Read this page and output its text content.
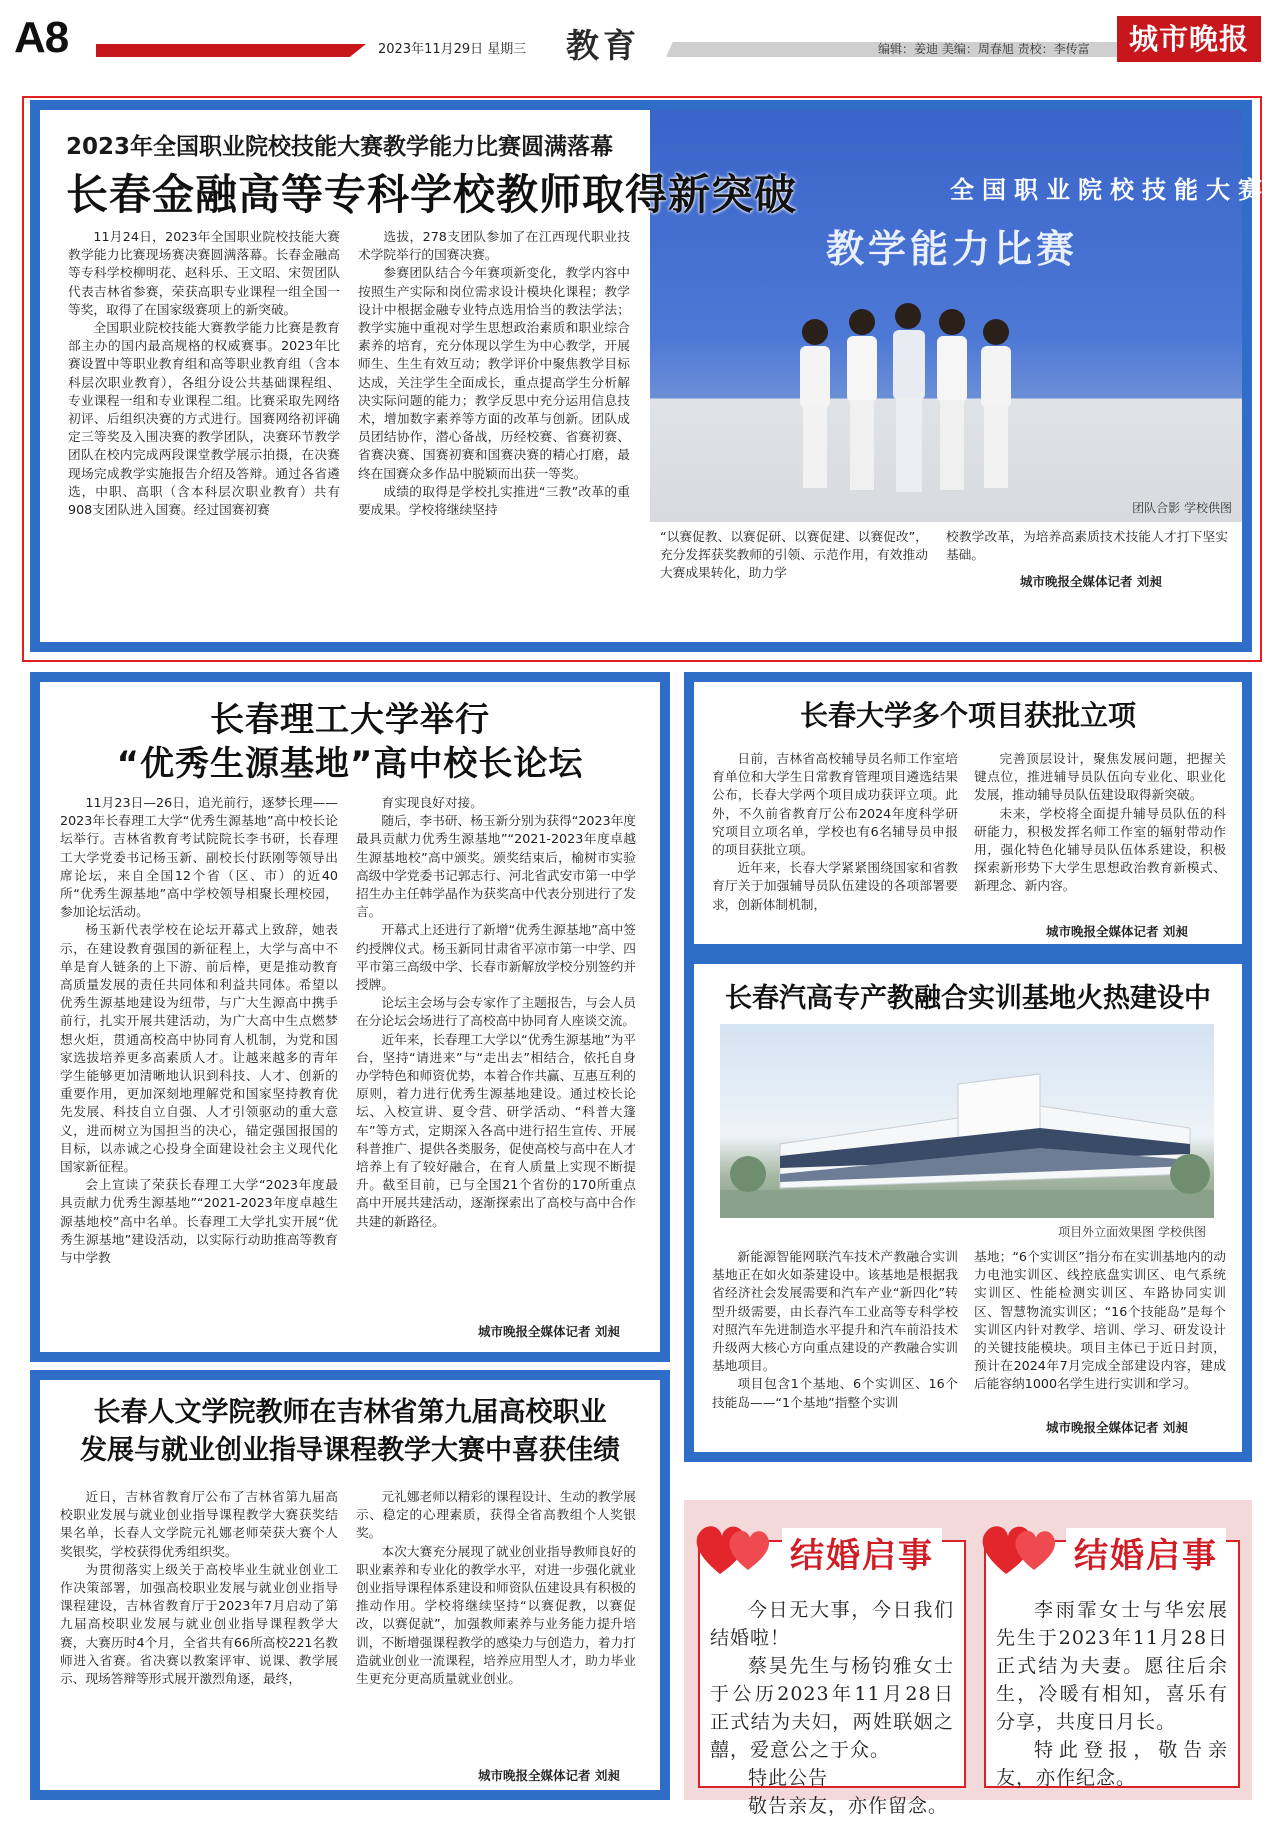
A8	2023年11月29日 星期三 教育	编辑：姜迪 美编：周春旭 责校：李传富	城市晚报
全国职业院校技能大赛
教学能力比赛
团队合影 学校供图
2023年全国职业院校技能大赛教学能力比赛圆满落幕
长春金融高等专科学校教师取得新突破

11月24日，2023年全国职业院校技能大赛教学能力比赛现场赛决赛圆满落幕。长春金融高等专科学校柳明花、赵科乐、王文昭、宋贺团队代表吉林省参赛，荣获高职专业课程一组全国一等奖，取得了在国家级赛项上的新突破。

全国职业院校技能大赛教学能力比赛是教育部主办的国内最高规格的权威赛事。2023年比赛设置中等职业教育组和高等职业教育组（含本科层次职业教育），各组分设公共基础课程组、专业课程一组和专业课程二组。比赛采取先网络初评、后组织决赛的方式进行。国赛网络初评确定三等奖及入围决赛的教学团队，决赛环节教学团队在校内完成两段课堂教学展示拍摄，在决赛现场完成教学实施报告介绍及答辩。通过各省遴选，中职、高职（含本科层次职业教育）共有908支团队进入国赛。经过国赛初赛

选拔，278支团队参加了在江西现代职业技术学院举行的国赛决赛。

参赛团队结合今年赛项新变化，教学内容中按照生产实际和岗位需求设计模块化课程；教学设计中根据金融专业特点选用恰当的教法学法；教学实施中重视对学生思想政治素质和职业综合素养的培育，充分体现以学生为中心教学，开展师生、生生有效互动；教学评价中聚焦教学目标达成，关注学生全面成长，重点提高学生分析解决实际问题的能力；教学反思中充分运用信息技术，增加数字素养等方面的改革与创新。团队成员团结协作，潜心备战，历经校赛、省赛初赛、省赛决赛、国赛初赛和国赛决赛的精心打磨，最终在国赛众多作品中脱颖而出获一等奖。

成绩的取得是学校扎实推进“三教”改革的重要成果。学校将继续坚持

“以赛促教、以赛促研、以赛促建、以赛促改”，充分发挥获奖教师的引领、示范作用，有效推动大赛成果转化，助力学

校教学改革，为培养高素质技术技能人才打下坚实基础。

城市晚报全媒体记者 刘昶
长春理工大学举行
“优秀生源基地”高中校长论坛

11月23日—26日，追光前行，逐梦长理——2023年长春理工大学“优秀生源基地”高中校长论坛举行。吉林省教育考试院院长李书研，长春理工大学党委书记杨玉新、副校长付跃刚等领导出席论坛，来自全国12个省（区、市）的近40所“优秀生源基地”高中学校领导相聚长理校园，参加论坛活动。

杨玉新代表学校在论坛开幕式上致辞，她表示，在建设教育强国的新征程上，大学与高中不单是育人链条的上下游、前后棒，更是推动教育高质量发展的责任共同体和利益共同体。希望以优秀生源基地建设为纽带，与广大生源高中携手前行，扎实开展共建活动，为广大高中生点燃梦想火炬，贯通高校高中协同育人机制，为党和国家选拔培养更多高素质人才。让越来越多的青年学生能够更加清晰地认识到科技、人才、创新的重要作用，更加深刻地理解党和国家坚持教育优先发展、科技自立自强、人才引领驱动的重大意义，进而树立为国担当的决心，锚定强国报国的目标，以赤诚之心投身全面建设社会主义现代化国家新征程。

会上宣读了荣获长春理工大学“2023年度最具贡献力优秀生源基地”“2021-2023年度卓越生源基地校”高中名单。长春理工大学扎实开展“优秀生源基地”建设活动，以实际行动助推高等教育与中学教

育实现良好对接。

随后，李书研、杨玉新分别为获得“2023年度最具贡献力优秀生源基地”“2021-2023年度卓越生源基地校”高中颁奖。颁奖结束后，榆树市实验高级中学党委书记郭志行、河北省武安市第一中学招生办主任韩学晶作为获奖高中代表分别进行了发言。

开幕式上还进行了新增“优秀生源基地”高中签约授牌仪式。杨玉新同甘肃省平凉市第一中学、四平市第三高级中学、长春市新解放学校分别签约并授牌。

论坛主会场与会专家作了主题报告，与会人员在分论坛会场进行了高校高中协同育人座谈交流。

近年来，长春理工大学以“优秀生源基地”为平台，坚持“请进来”与“走出去”相结合，依托自身办学特色和师资优势，本着合作共赢、互惠互利的原则，着力进行优秀生源基地建设。通过校长论坛、入校宣讲、夏令营、研学活动、“科普大篷车”等方式，定期深入各高中进行招生宣传、开展科普推广、提供各类服务，促使高校与高中在人才培养上有了较好融合，在育人质量上实现不断提升。截至目前，已与全国21个省份的170所重点高中开展共建活动，逐渐探索出了高校与高中合作共建的新路径。

城市晚报全媒体记者 刘昶
长春人文学院教师在吉林省第九届高校职业
发展与就业创业指导课程教学大赛中喜获佳绩

近日，吉林省教育厅公布了吉林省第九届高校职业发展与就业创业指导课程教学大赛获奖结果名单，长春人文学院元礼娜老师荣获大赛个人奖银奖，学校获得优秀组织奖。

为贯彻落实上级关于高校毕业生就业创业工作决策部署，加强高校职业发展与就业创业指导课程建设，吉林省教育厅于2023年7月启动了第九届高校职业发展与就业创业指导课程教学大赛，大赛历时4个月，全省共有66所高校221名教师进入省赛。省决赛以教案评审、说课、教学展示、现场答辩等形式展开激烈角逐，最终，

元礼娜老师以精彩的课程设计、生动的教学展示、稳定的心理素质，获得全省高教组个人奖银奖。

本次大赛充分展现了就业创业指导教师良好的职业素养和专业化的教学水平，对进一步强化就业创业指导课程体系建设和师资队伍建设具有积极的推动作用。学校将继续坚持“以赛促教，以赛促改，以赛促就”，加强教师素养与业务能力提升培训，不断增强课程教学的感染力与创造力，着力打造就业创业一流课程，培养应用型人才，助力毕业生更充分更高质量就业创业。

城市晚报全媒体记者 刘昶
长春大学多个项目获批立项

日前，吉林省高校辅导员名师工作室培育单位和大学生日常教育管理项目遴选结果公布，长春大学两个项目成功获评立项。此外，不久前省教育厅公布2024年度科学研究项目立项名单，学校也有6名辅导员申报的项目获批立项。

近年来，长春大学紧紧围绕国家和省教育厅关于加强辅导员队伍建设的各项部署要求，创新体制机制，

完善顶层设计，聚焦发展问题，把握关键点位，推进辅导员队伍向专业化、职业化发展，推动辅导员队伍建设取得新突破。

未来，学校将全面提升辅导员队伍的科研能力，积极发挥名师工作室的辐射带动作用，强化特色化辅导员队伍体系建设，积极探索新形势下大学生思想政治教育新模式、新理念、新内容。

城市晚报全媒体记者 刘昶
长春汽高专产教融合实训基地火热建设中
项目外立面效果图 学校供图

新能源智能网联汽车技术产教融合实训基地正在如火如荼建设中。该基地是根据我省经济社会发展需要和汽车产业“新四化”转型升级需要，由长春汽车工业高等专科学校对照汽车先进制造水平提升和汽车前沿技术升级两大核心方向重点建设的产教融合实训基地项目。

项目包含1个基地、6个实训区、16个技能岛——“1个基地”指整个实训

基地；“6个实训区”指分布在实训基地内的动力电池实训区、线控底盘实训区、电气系统实训区、性能检测实训区、车路协同实训区、智慧物流实训区；“16个技能岛”是每个实训区内针对教学、培训、学习、研发设计的关键技能模块。项目主体已于近日封顶，预计在2024年7月完成全部建设内容，建成后能容纳1000名学生进行实训和学习。

城市晚报全媒体记者 刘昶

今日无大事，今日我们结婚啦！

蔡昊先生与杨钧雅女士于公历2023年11月28日正式结为夫妇，两姓联姻之囍，爱意公之于众。

特此公告

敬告亲友，亦作留念。

结婚启事

李雨霏女士与华宏展先生于2023年11月28日正式结为夫妻。愿往后余生，冷暖有相知，喜乐有分享，共度日月长。

特此登报，敬告亲友，亦作纪念。

结婚启事
